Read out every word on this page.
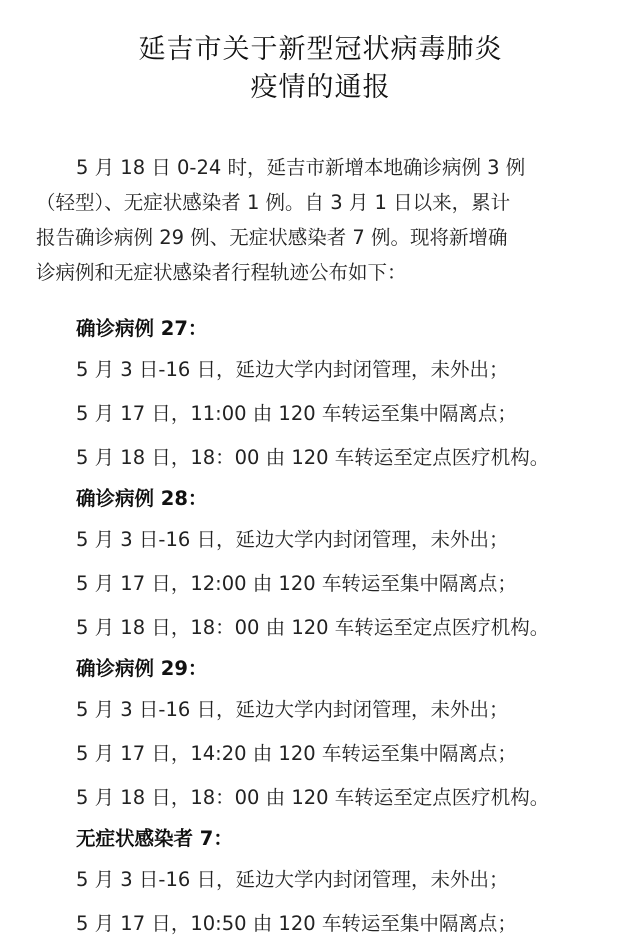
延吉市关于新型冠状病毒肺炎
疫情的通报
5 月 18 日 0-24 时，延吉市新增本地确诊病例 3 例
（轻型）、无症状感染者 1 例。自 3 月 1 日以来，累计
报告确诊病例 29 例、无症状感染者 7 例。现将新增确
诊病例和无症状感染者行程轨迹公布如下：
确诊病例 27：
5 月 3 日-16 日，延边大学内封闭管理，未外出；
5 月 17 日，11:00 由 120 车转运至集中隔离点；
5 月 18 日，18：00 由 120 车转运至定点医疗机构。
确诊病例 28：
5 月 3 日-16 日，延边大学内封闭管理，未外出；
5 月 17 日，12:00 由 120 车转运至集中隔离点；
5 月 18 日，18：00 由 120 车转运至定点医疗机构。
确诊病例 29：
5 月 3 日-16 日，延边大学内封闭管理，未外出；
5 月 17 日，14:20 由 120 车转运至集中隔离点；
5 月 18 日，18：00 由 120 车转运至定点医疗机构。
无症状感染者 7：
5 月 3 日-16 日，延边大学内封闭管理，未外出；
5 月 17 日，10:50 由 120 车转运至集中隔离点；
